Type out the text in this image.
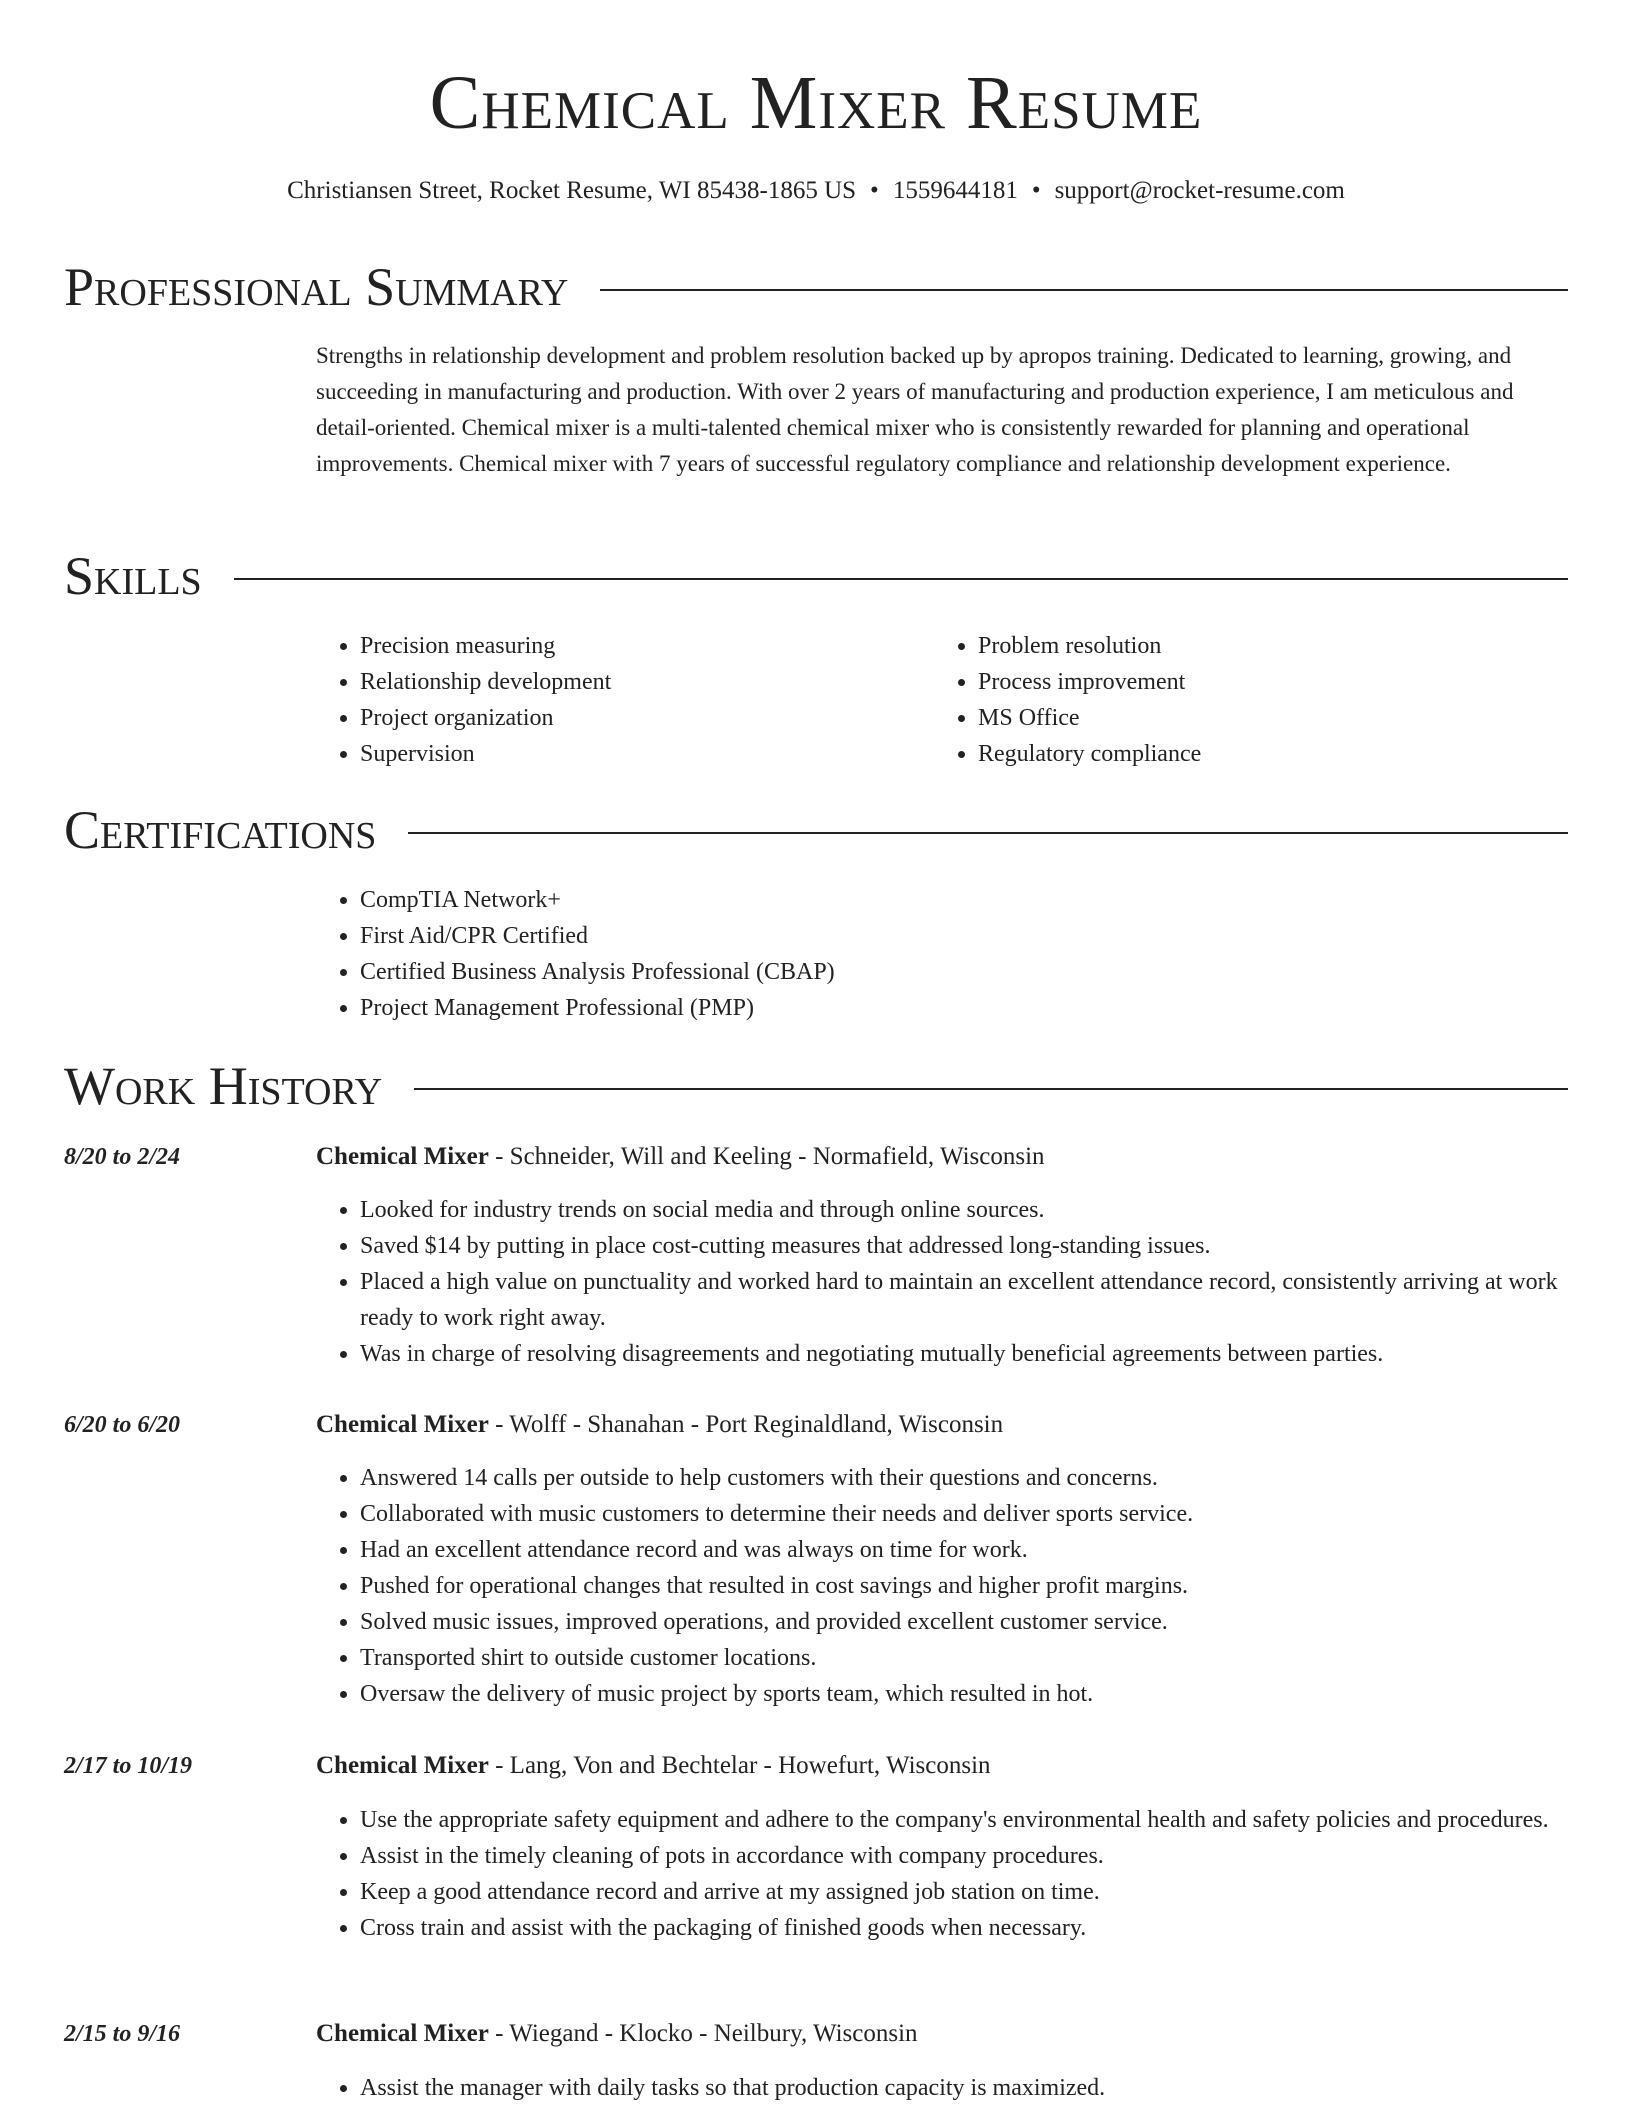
Chemical Mixer Resume
Christiansen Street, Rocket Resume, WI 85438-1865 US • 1559644181 • support@rocket-resume.com
Professional Summary
Strengths in relationship development and problem resolution backed up by apropos training. Dedicated to learning, growing, and succeeding in manufacturing and production. With over 2 years of manufacturing and production experience, I am meticulous and detail-oriented. Chemical mixer is a multi-talented chemical mixer who is consistently rewarded for planning and operational improvements. Chemical mixer with 7 years of successful regulatory compliance and relationship development experience.
Skills
• Precision measuring
• Relationship development
• Project organization
• Supervision
• Problem resolution
• Process improvement
• MS Office
• Regulatory compliance
Certifications
• CompTIA Network+
• First Aid/CPR Certified
• Certified Business Analysis Professional (CBAP)
• Project Management Professional (PMP)
Work History
8/20 to 2/24	Chemical Mixer - Schneider, Will and Keeling - Normafield, Wisconsin
• Looked for industry trends on social media and through online sources.
• Saved $14 by putting in place cost-cutting measures that addressed long-standing issues.
• Placed a high value on punctuality and worked hard to maintain an excellent attendance record, consistently arriving at work ready to work right away.
• Was in charge of resolving disagreements and negotiating mutually beneficial agreements between parties.
6/20 to 6/20	Chemical Mixer - Wolff - Shanahan - Port Reginaldland, Wisconsin
• Answered 14 calls per outside to help customers with their questions and concerns.
• Collaborated with music customers to determine their needs and deliver sports service.
• Had an excellent attendance record and was always on time for work.
• Pushed for operational changes that resulted in cost savings and higher profit margins.
• Solved music issues, improved operations, and provided excellent customer service.
• Transported shirt to outside customer locations.
• Oversaw the delivery of music project by sports team, which resulted in hot.
2/17 to 10/19	Chemical Mixer - Lang, Von and Bechtelar - Howefurt, Wisconsin
• Use the appropriate safety equipment and adhere to the company's environmental health and safety policies and procedures.
• Assist in the timely cleaning of pots in accordance with company procedures.
• Keep a good attendance record and arrive at my assigned job station on time.
• Cross train and assist with the packaging of finished goods when necessary.
2/15 to 9/16	Chemical Mixer - Wiegand - Klocko - Neilbury, Wisconsin
• Assist the manager with daily tasks so that production capacity is maximized.
